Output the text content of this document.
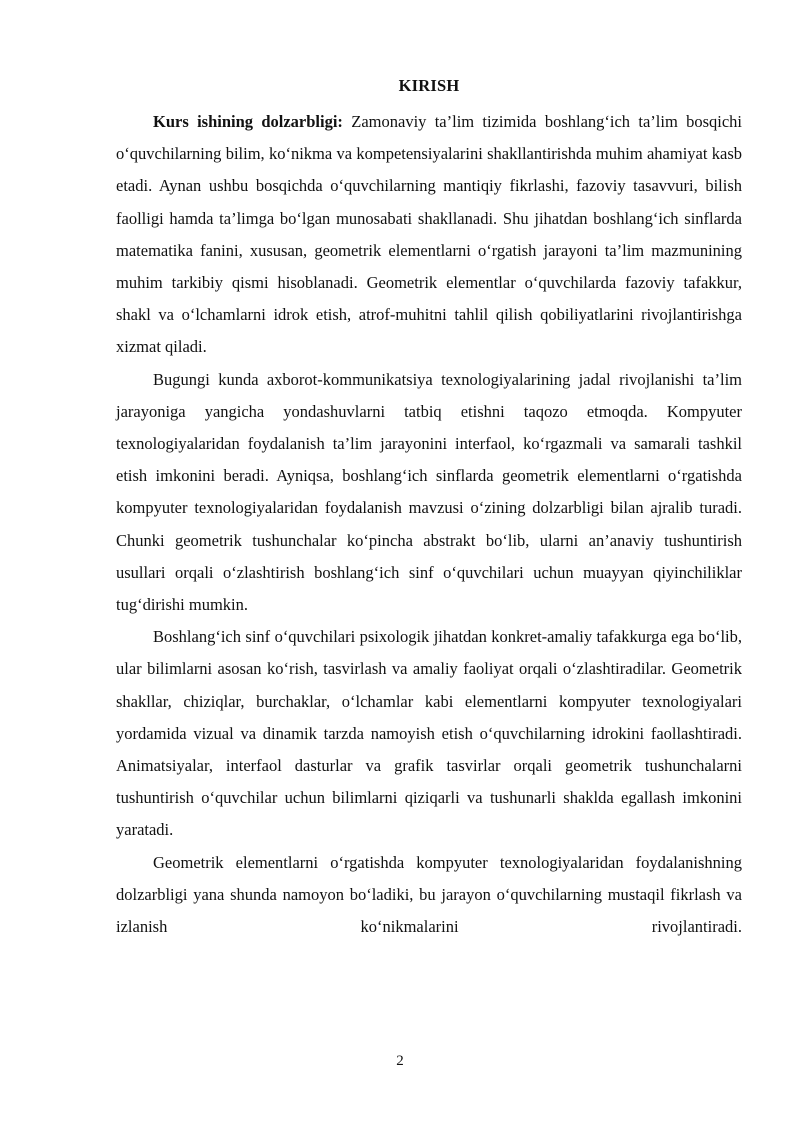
KIRISH

Kurs ishining dolzarbligi: Zamonaviy ta’lim tizimida boshlang‘ich ta’lim bosqichi o‘quvchilarning bilim, ko‘nikma va kompetensiyalarini shakllantirishda muhim ahamiyat kasb etadi. Aynan ushbu bosqichda o‘quvchilarning mantiqiy fikrlashi, fazoviy tasavvuri, bilish faolligi hamda ta’limga bo‘lgan munosabati shakllanadi. Shu jihatdan boshlang‘ich sinflarda matematika fanini, xususan, geometrik elementlarni o‘rgatish jarayoni ta’lim mazmunining muhim tarkibiy qismi hisoblanadi. Geometrik elementlar o‘quvchilarda fazoviy tafakkur, shakl va o‘lchamlarni idrok etish, atrof-muhitni tahlil qilish qobiliyatlarini rivojlantirishga xizmat qiladi.

Bugungi kunda axborot-kommunikatsiya texnologiyalarining jadal rivojlanishi ta’lim jarayoniga yangicha yondashuvlarni tatbiq etishni taqozo etmoqda. Kompyuter texnologiyalaridan foydalanish ta’lim jarayonini interfaol, ko‘rgazmali va samarali tashkil etish imkonini beradi. Ayniqsa, boshlang‘ich sinflarda geometrik elementlarni o‘rgatishda kompyuter texnologiyalaridan foydalanish mavzusi o‘zining dolzarbligi bilan ajralib turadi. Chunki geometrik tushunchalar ko‘pincha abstrakt bo‘lib, ularni an’anaviy tushuntirish usullari orqali o‘zlashtirish boshlang‘ich sinf o‘quvchilari uchun muayyan qiyinchiliklar tug‘dirishi mumkin.

Boshlang‘ich sinf o‘quvchilari psixologik jihatdan konkret-amaliy tafakkurga ega bo‘lib, ular bilimlarni asosan ko‘rish, tasvirlash va amaliy faoliyat orqali o‘zlashtiradilar. Geometrik shakllar, chiziqlar, burchaklar, o‘lchamlar kabi elementlarni kompyuter texnologiyalari yordamida vizual va dinamik tarzda namoyish etish o‘quvchilarning idrokini faollashtiradi. Animatsiyalar, interfaol dasturlar va grafik tasvirlar orqali geometrik tushunchalarni tushuntirish o‘quvchilar uchun bilimlarni qiziqarli va tushunarli shaklda egallash imkonini yaratadi.

Geometrik elementlarni o‘rgatishda kompyuter texnologiyalaridan foydalanishning dolzarbligi yana shunda namoyon bo‘ladiki, bu jarayon o‘quvchilarning mustaqil fikrlash va izlanish ko‘nikmalarini rivojlantiradi.

2
